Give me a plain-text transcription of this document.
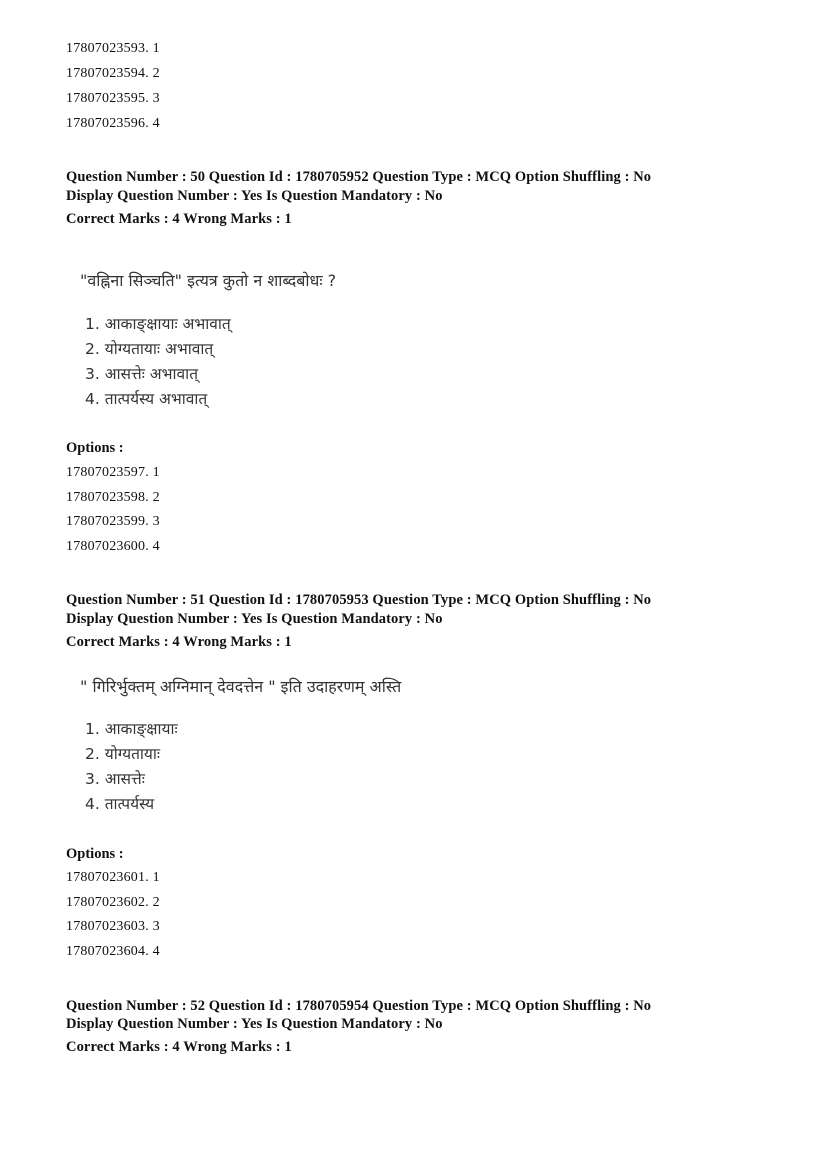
17807023593. 1
17807023594. 2
17807023595. 3
17807023596. 4
Question Number : 50 Question Id : 1780705952 Question Type : MCQ Option Shuffling : No
Display Question Number : Yes Is Question Mandatory : No
Correct Marks : 4 Wrong Marks : 1
"वह्निना सिञ्चति" इत्यत्र कुतो न शाब्दबोधः ?
1. आकाङ्क्षायाः अभावात्
2. योग्यतायाः अभावात्
3. आसत्तेः अभावात्
4. तात्पर्यस्य अभावात्
Options :
17807023597. 1
17807023598. 2
17807023599. 3
17807023600. 4
Question Number : 51 Question Id : 1780705953 Question Type : MCQ Option Shuffling : No
Display Question Number : Yes Is Question Mandatory : No
Correct Marks : 4 Wrong Marks : 1
" गिरिर्भुक्तम् अग्निमान् देवदत्तेन " इति उदाहरणम् अस्ति
1. आकाङ्क्षायाः
2. योग्यतायाः
3. आसत्तेः
4. तात्पर्यस्य
Options :
17807023601. 1
17807023602. 2
17807023603. 3
17807023604. 4
Question Number : 52 Question Id : 1780705954 Question Type : MCQ Option Shuffling : No
Display Question Number : Yes Is Question Mandatory : No
Correct Marks : 4 Wrong Marks : 1
